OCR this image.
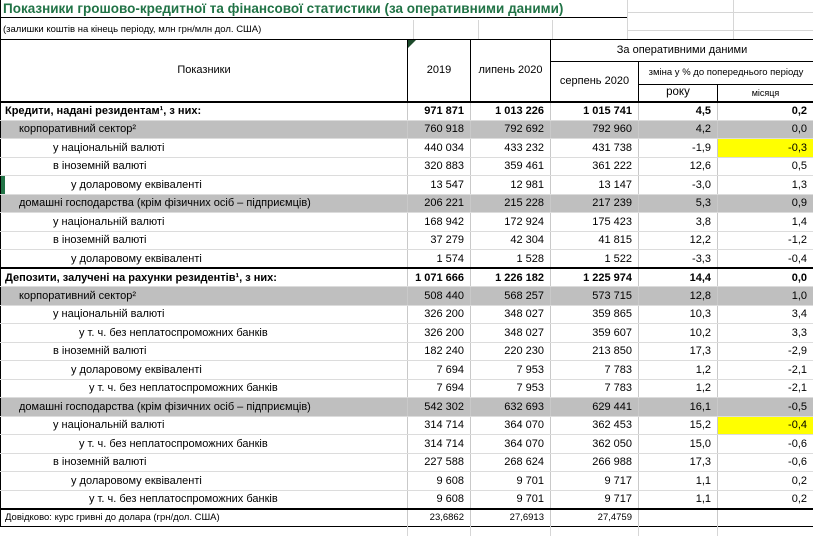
Показники грошово-кредитної та фінансової статистики (за оперативними даними)
(залишки коштів на кінець періоду, млн грн/млн дол. США)
Показники	2019	липень 2020	За оперативними даними		
			серпень 2020	зміна у % до попереднього періоду	
				року	місяця
Кредити, надані резидентам¹, з них:	971 871	1 013 226	1 015 741	4,5	0,2
корпоративний сектор²	760 918	792 692	792 960	4,2	0,0
у національній валюті	440 034	433 232	431 738	-1,9	-0,3
в іноземній валюті	320 883	359 461	361 222	12,6	0,5
у доларовому еквіваленті	13 547	12 981	13 147	-3,0	1,3
домашні господарства (крім фізичних осіб – підприємців)	206 221	215 228	217 239	5,3	0,9
у національній валюті	168 942	172 924	175 423	3,8	1,4
в іноземній валюті	37 279	42 304	41 815	12,2	-1,2
у доларовому еквіваленті	1 574	1 528	1 522	-3,3	-0,4
Депозити, залучені на рахунки резидентів¹, з них:	1 071 666	1 226 182	1 225 974	14,4	0,0
корпоративний сектор²	508 440	568 257	573 715	12,8	1,0
у національній валюті	326 200	348 027	359 865	10,3	3,4
у т. ч. без неплатоспроможних банків	326 200	348 027	359 607	10,2	3,3
в іноземній валюті	182 240	220 230	213 850	17,3	-2,9
у доларовому еквіваленті	7 694	7 953	7 783	1,2	-2,1
у т. ч. без неплатоспроможних банків	7 694	7 953	7 783	1,2	-2,1
домашні господарства (крім фізичних осіб – підприємців)	542 302	632 693	629 441	16,1	-0,5
у національній валюті	314 714	364 070	362 453	15,2	-0,4
у т. ч. без неплатоспроможних банків	314 714	364 070	362 050	15,0	-0,6
в іноземній валюті	227 588	268 624	266 988	17,3	-0,6
у доларовому еквіваленті	9 608	9 701	9 717	1,1	0,2
у т. ч. без неплатоспроможних банків	9 608	9 701	9 717	1,1	0,2
Довідково: курс гривні до долара (грн/дол. США)	23,6862	27,6913	27,4759		
